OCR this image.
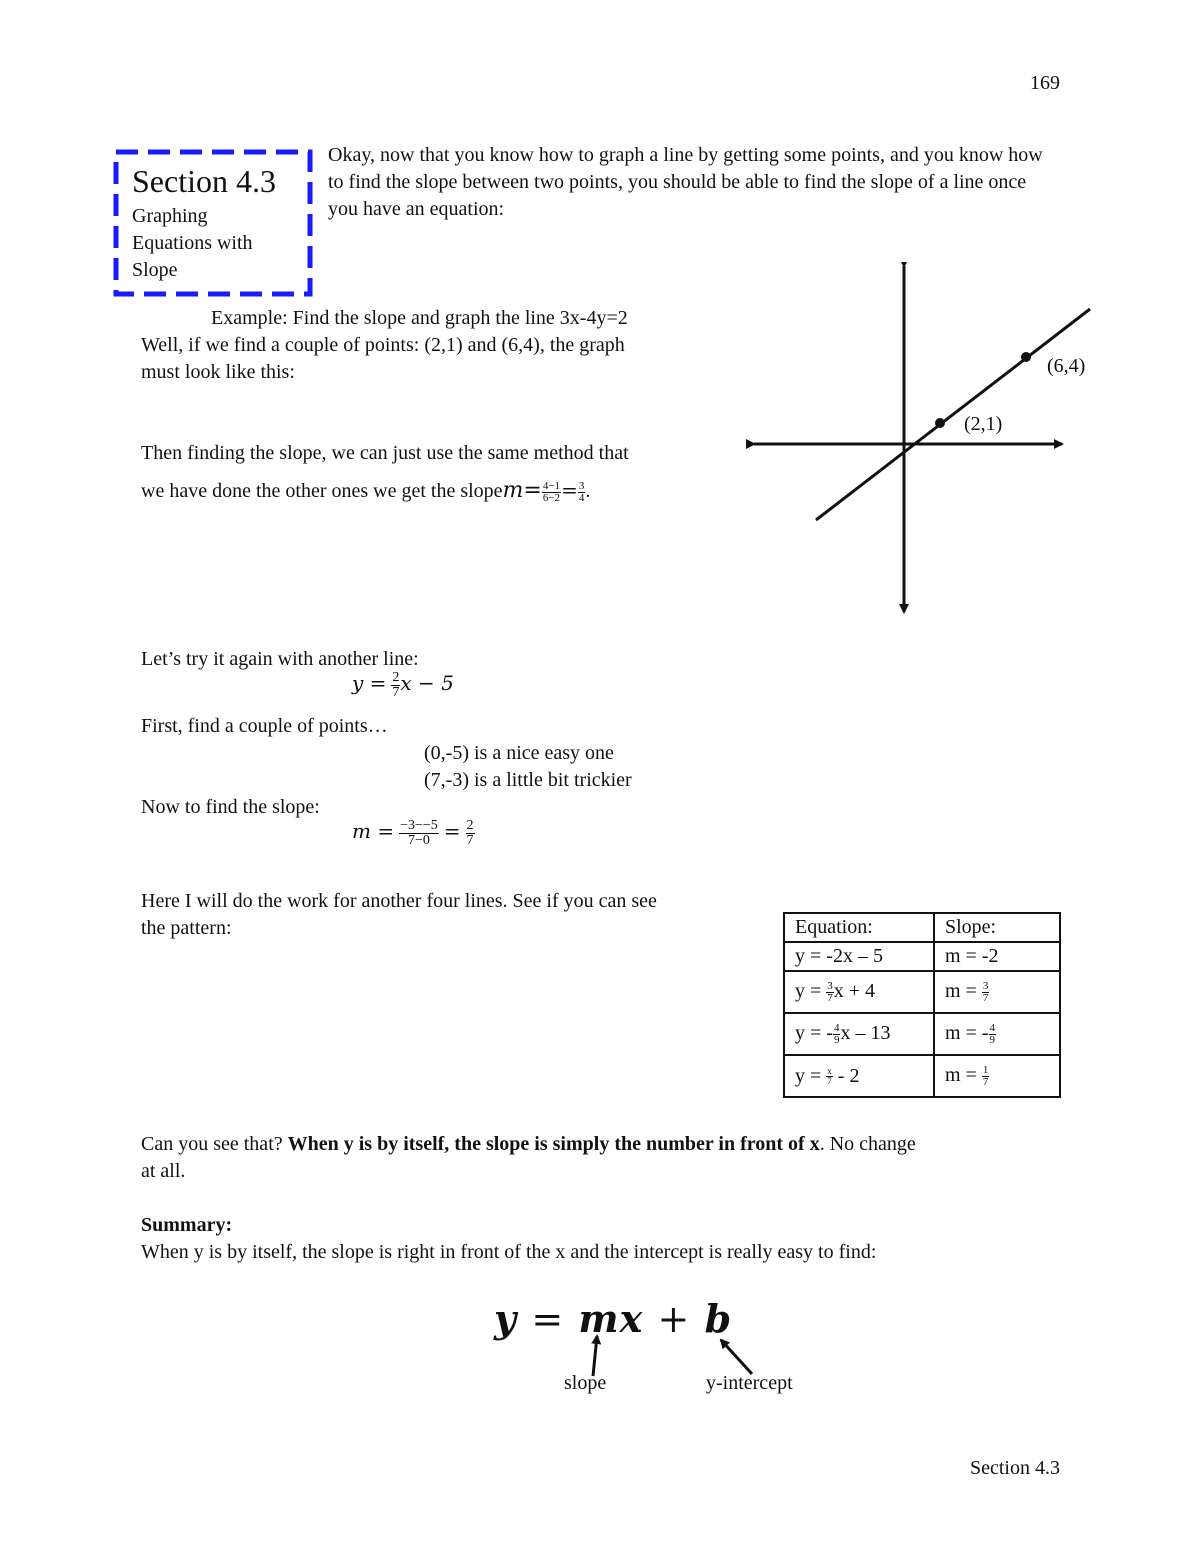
169
Section 4.3
Graphing Equations with Slope
Okay, now that you know how to graph a line by getting some points, and you know how to find the slope between two points, you should be able to find the slope of a line once you have an equation:
Example: Find the slope and graph the line 3x-4y=2
Well, if we find a couple of points: (2,1) and (6,4), the graph
must look like this:
Then finding the slope, we can just use the same method that
we have done the other ones we get the slopem= $\frac{4-1}{6-2} = \frac{3}{4}$ .
(2,1)
(6,4)
Let’s try it again with another line:
$y = \frac{2}{7}$ x − 5
First, find a couple of points…
(0,-5) is a nice easy one
(7,-3) is a little bit trickier
Now to find the slope:
$m = \frac{-3--5}{7-0} = \frac{2}{7}$
Here I will do the work for another four lines. See if you can see
the pattern:	Equation:	Slope:
y = -2x – 5	m = -2
$y = \frac{3}{7}$ x + 4	$m = \frac{3}{7}$

y = - $\frac{4}{9}$ x – 13	m = - $\frac{4}{9}$

$y = \frac{x}{7} - 2$	$m = \frac{1}{7}$
Can you see that? When y is by itself, the slope is simply the number in front of x. No change
at all.
Summary:
When y is by itself, the slope is right in front of the x and the intercept is really easy to find:
y = mx + b
slope	y-intercept
Section 4.3
